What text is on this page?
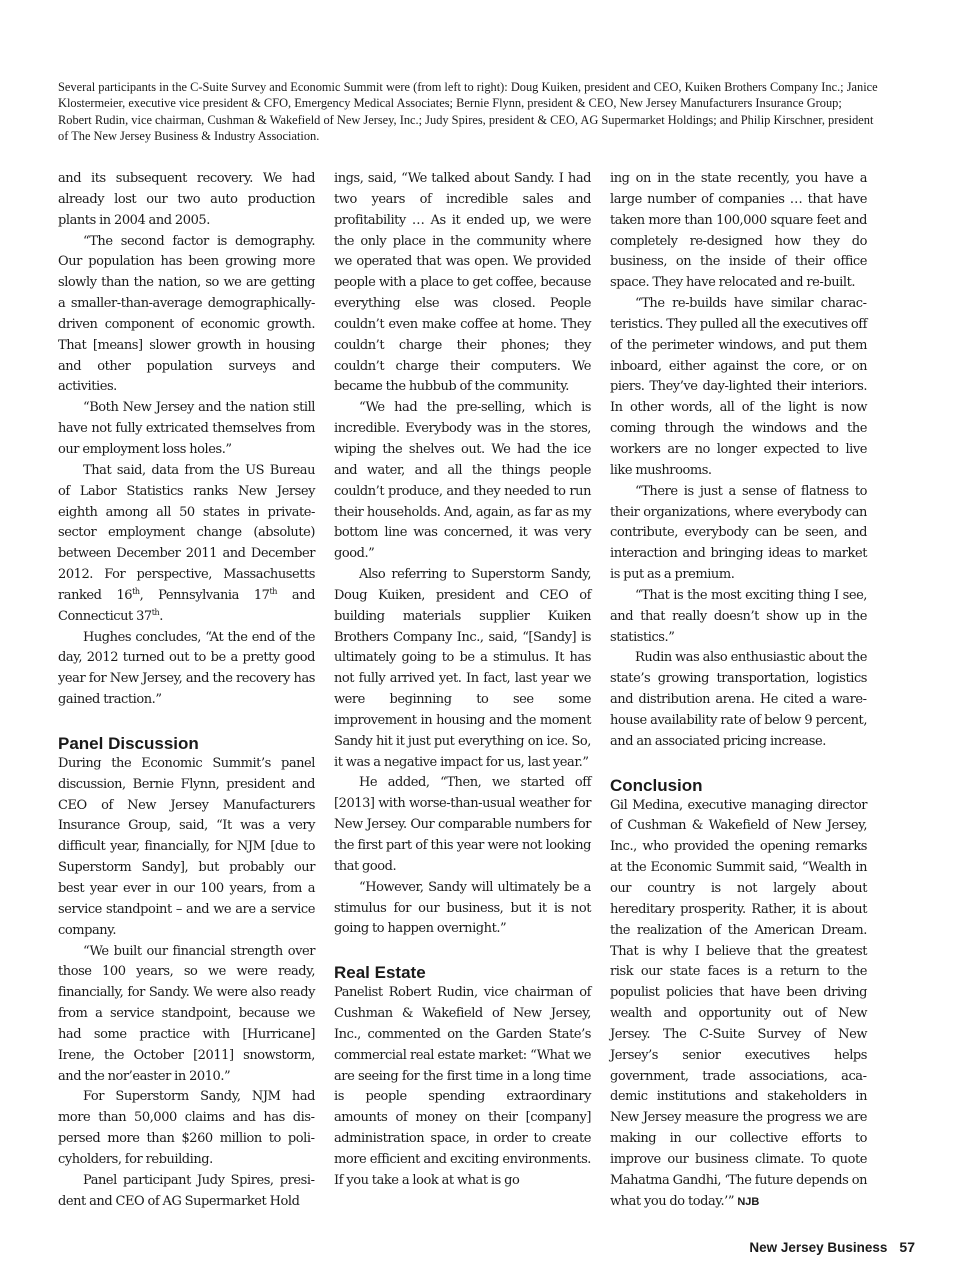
Several participants in the C-Suite Survey and Economic Summit were (from left to right): Doug Kuiken, president and CEO, Kuiken Brothers Company Inc.; Janice Klostermeier, executive vice president & CFO, Emergency Medical Associates; Bernie Flynn, president & CEO, New Jersey Manufacturers Insurance Group; Robert Rudin, vice chairman, Cushman & Wakefield of New Jersey, Inc.; Judy Spires, president & CEO, AG Supermarket Holdings; and Philip Kirschner, president of The New Jersey Business & Industry Association.

and its subsequent recovery. We had already lost our two auto production plants in 2004 and 2005.

“The second factor is demography. Our population has been growing more slowly than the nation, so we are getting a smaller-than-average demographically-driven component of economic growth. That [means] slower growth in housing and other population surveys and activities.

“Both New Jersey and the nation still have not fully extricated themselves from our employment loss holes.”

That said, data from the US Bureau of Labor Statistics ranks New Jersey eighth among all 50 states in private-sector employment change (absolute) between December 2011 and December 2012. For perspective, Massachusetts ranked 16th, Pennsylvania 17th and Connecticut 37th.

Hughes concludes, “At the end of the day, 2012 turned out to be a pretty good year for New Jersey, and the recovery has gained traction.”

Panel Discussion

During the Economic Summit’s panel discussion, Bernie Flynn, president and CEO of New Jersey Manufacturers Insurance Group, said, “It was a very difficult year, financially, for NJM [due to Superstorm Sandy], but probably our best year ever in our 100 years, from a service standpoint – and we are a service company.

“We built our financial strength over those 100 years, so we were ready, financially, for Sandy. We were also ready from a service standpoint, because we had some practice with [Hurricane] Irene, the October [2011] snowstorm, and the nor’easter in 2010.”

For Superstorm Sandy, NJM had more than 50,000 claims and has dispersed more than $260 million to policyholders, for rebuilding.

Panel participant Judy Spires, president and CEO of AG Supermarket Hold

ings, said, “We talked about Sandy. I had two years of incredible sales and profitability … As it ended up, we were the only place in the community where we operated that was open. We provided people with a place to get coffee, because everything else was closed. People couldn’t even make coffee at home. They couldn’t charge their phones; they couldn’t charge their computers. We became the hubbub of the community.

“We had the pre-selling, which is incredible. Everybody was in the stores, wiping the shelves out. We had the ice and water, and all the things people couldn’t produce, and they needed to run their households. And, again, as far as my bottom line was concerned, it was very good.”

Also referring to Superstorm Sandy, Doug Kuiken, president and CEO of building materials supplier Kuiken Brothers Company Inc., said, “[Sandy] is ultimately going to be a stimulus. It has not fully arrived yet. In fact, last year we were beginning to see some improvement in housing and the moment Sandy hit it just put everything on ice. So, it was a negative impact for us, last year.”

He added, “Then, we started off [2013] with worse-than-usual weather for New Jersey. Our comparable numbers for the first part of this year were not looking that good.

“However, Sandy will ultimately be a stimulus for our business, but it is not going to happen overnight.”

Real Estate

Panelist Robert Rudin, vice chairman of Cushman & Wakefield of New Jersey, Inc., commented on the Garden State’s commercial real estate market: “What we are seeing for the first time in a long time is people spending extraordinary amounts of money on their [company] administration space, in order to create more efficient and exciting environments. If you take a look at what is go

ing on in the state recently, you have a large number of companies … that have taken more than 100,000 square feet and completely re-designed how they do business, on the inside of their office space. They have relocated and re-built.

“The re-builds have similar characteristics. They pulled all the executives off of the perimeter windows, and put them inboard, either against the core, or on piers. They’ve day-lighted their interiors. In other words, all of the light is now coming through the windows and the workers are no longer expected to live like mushrooms.

“There is just a sense of flatness to their organizations, where everybody can contribute, everybody can be seen, and interaction and bringing ideas to market is put as a premium.

“That is the most exciting thing I see, and that really doesn’t show up in the statistics.”

Rudin was also enthusiastic about the state’s growing transportation, logistics and distribution arena. He cited a warehouse availability rate of below 9 percent, and an associated pricing increase.

Conclusion

Gil Medina, executive managing director of Cushman & Wakefield of New Jersey, Inc., who provided the opening remarks at the Economic Summit said, “Wealth in our country is not largely about hereditary prosperity. Rather, it is about the realization of the American Dream. That is why I believe that the greatest risk our state faces is a return to the populist policies that have been driving wealth and opportunity out of New Jersey. The C-Suite Survey of New Jersey’s senior executives helps government, trade associations, academic institutions and stakeholders in New Jersey measure the progress we are making in our collective efforts to improve our business climate. To quote Mahatma Gandhi, ‘The future depends on what you do today.’” NJB

New Jersey Business 57
